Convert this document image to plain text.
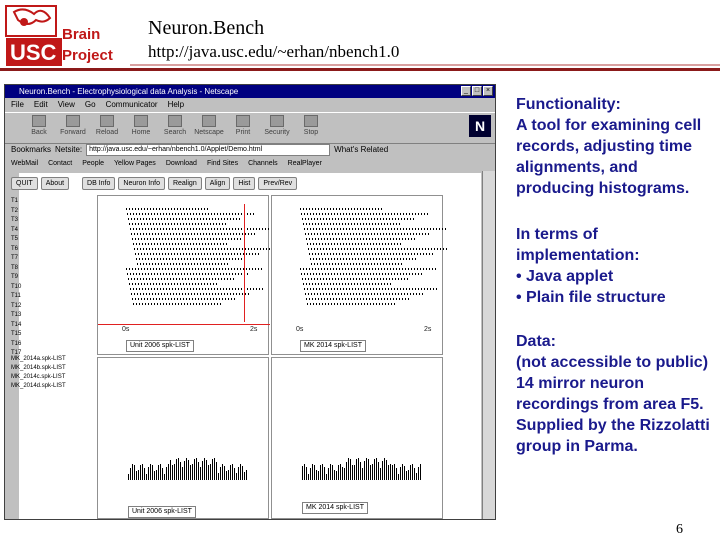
USC
Brain
Project
Neuron.Bench
http://java.usc.edu/~erhan/nbench1.0
Neuron.Bench - Electrophysiological data Analysis - Netscape	_ □ ×
File Edit View Go Communicator Help
Back	Forward	Reload	Home	Search	Netscape	Print	Security	Stop	N
Bookmarks Netsite:	http://java.usc.edu/~erhan/nbench1.0/Applet/Demo.html	What's Related
WebMail Contact People Yellow Pages Download Find Sites Channels RealPlayer
QUIT	About	DB Info	Neuron Info	Realign	Align	Hist	Prev/Rev
T1
T2
T3
T4
T5
T6
T7
T8
T9
T10
T11
T12
T13
T14
T15
T16
T17
MK_2014a.spk-LIST
MK_2014b.spk-LIST
MK_2014c.spk-LIST
MK_2014d.spk-LIST
0s	2s
Unit 2006 spk-LIST
0s	2s
MK 2014 spk-LIST
Unit 2006 spk-LIST
MK 2014 spk-LIST
Functionality:
A tool for examining cell records, adjusting time alignments, and producing histograms.
In terms of implementation:
• Java applet
• Plain file structure
Data:
(not accessible to public)
14 mirror neuron recordings from area F5. Supplied by the Rizzolatti group in Parma.
6
